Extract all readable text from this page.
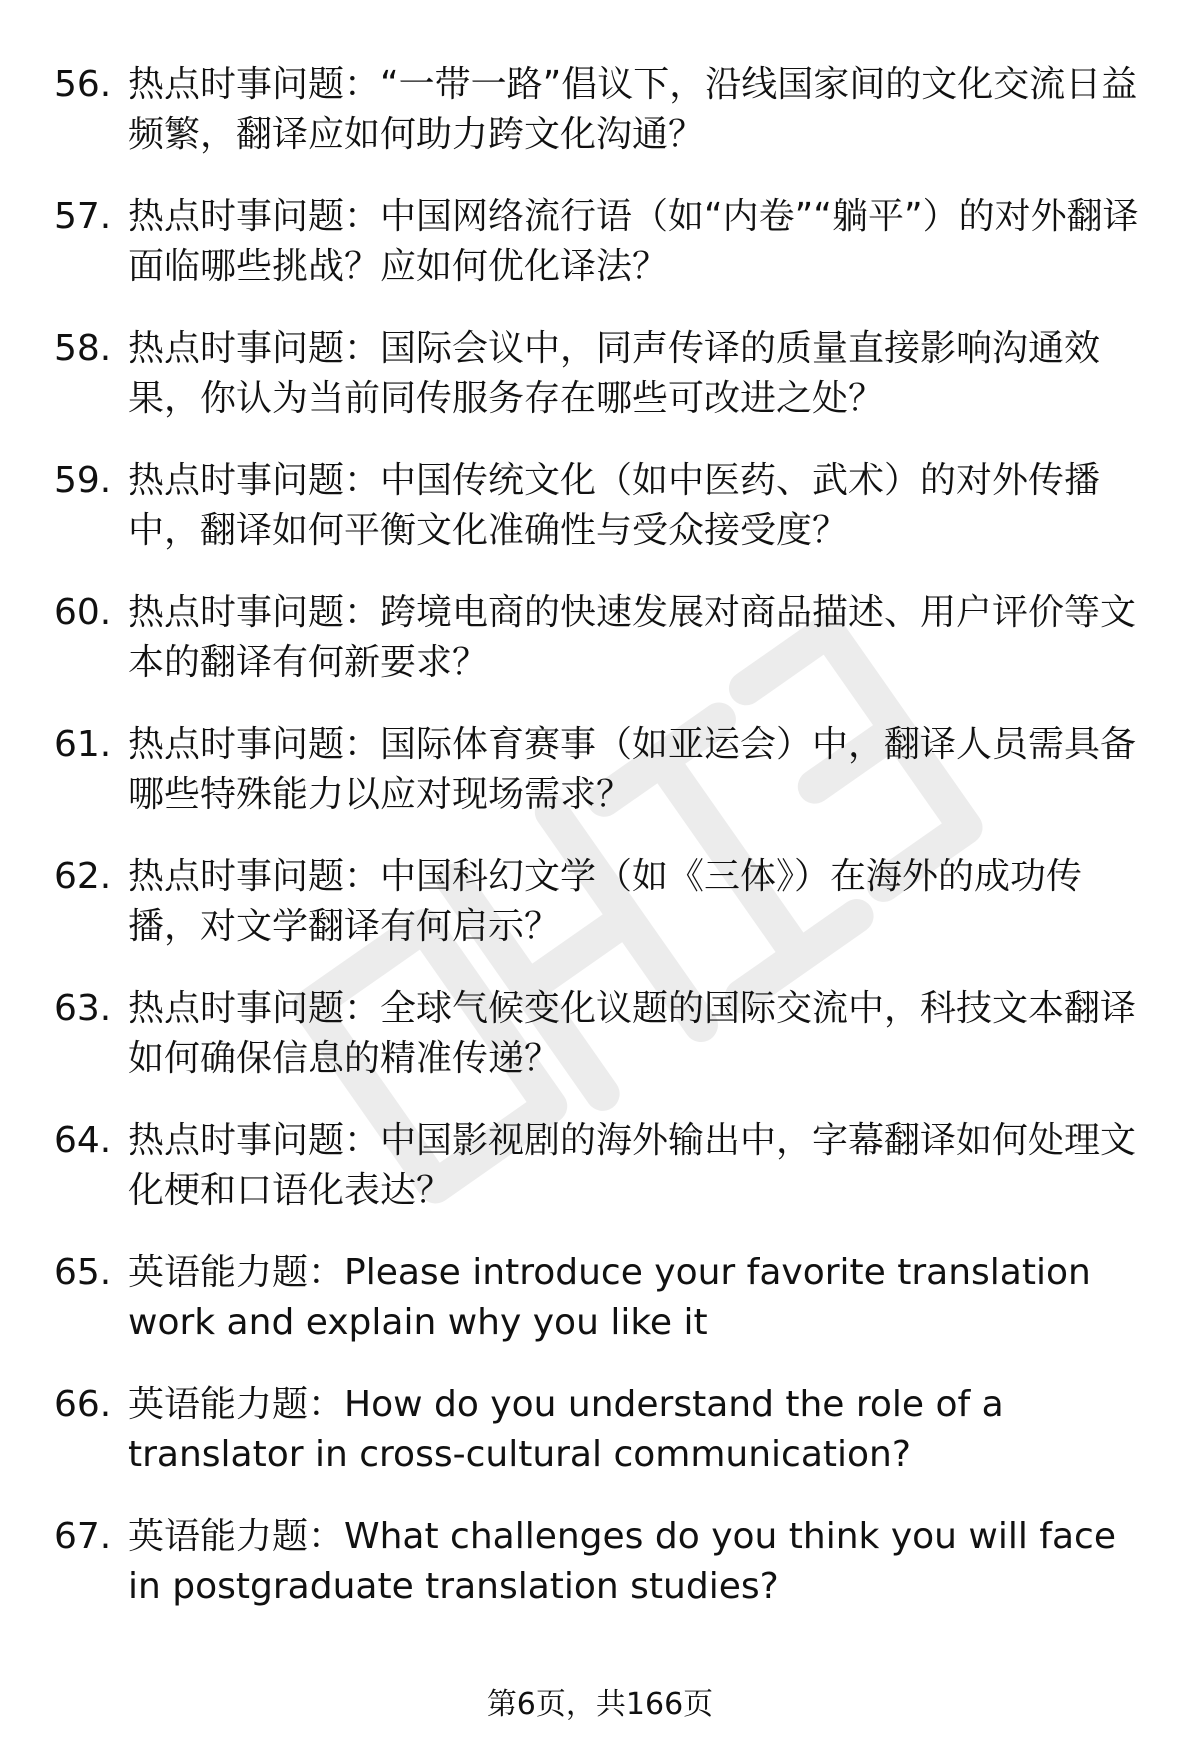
56. 热点时事问题：“一带一路”倡议下，沿线国家间的文化交流日益频繁，翻译应如何助力跨文化沟通？
57. 热点时事问题：中国网络流行语（如“内卷”“躺平”）的对外翻译面临哪些挑战？应如何优化译法？
58. 热点时事问题：国际会议中，同声传译的质量直接影响沟通效果，你认为当前同传服务存在哪些可改进之处？
59. 热点时事问题：中国传统文化（如中医药、武术）的对外传播中，翻译如何平衡文化准确性与受众接受度？
60. 热点时事问题：跨境电商的快速发展对商品描述、用户评价等文本的翻译有何新要求？
61. 热点时事问题：国际体育赛事（如亚运会）中，翻译人员需具备哪些特殊能力以应对现场需求？
62. 热点时事问题：中国科幻文学（如《三体》）在海外的成功传播，对文学翻译有何启示？
63. 热点时事问题：全球气候变化议题的国际交流中，科技文本翻译如何确保信息的精准传递？
64. 热点时事问题：中国影视剧的海外输出中，字幕翻译如何处理文化梗和口语化表达？
65. 英语能力题：Please introduce your favorite translation work and explain why you like it
66. 英语能力题：How do you understand the role of a translator in cross-cultural communication?
67. 英语能力题：What challenges do you think you will face in postgraduate translation studies?
第6页，共166页
